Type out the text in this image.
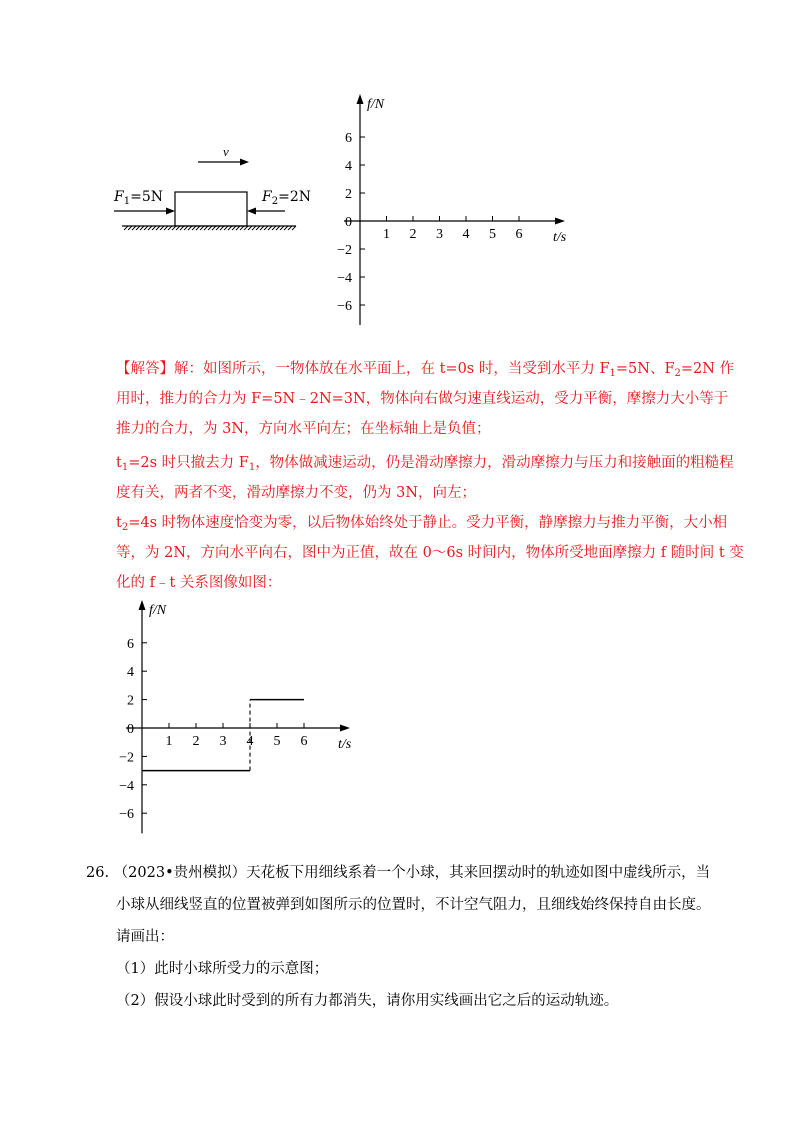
v
$F_1=5N$	$F_2=2N$
6
4
2
0
−2
−4
−6
1 2 3 4 5 6
f/N
t/s
【解答】解：如图所示，一物体放在水平面上，在 t=0s 时，当受到水平力 $F_1=5N$、$F_2=2N$ 作
用时，推力的合力为 F=5N﹣2N=3N，物体向右做匀速直线运动，受力平衡，摩擦力大小等于
推力的合力，为 3N，方向水平向左；在坐标轴上是负值；
$t_1=2s$ 时只撤去力 $F_1$，物体做减速运动，仍是滑动摩擦力，滑动摩擦力与压力和接触面的粗糙程
度有关，两者不变，滑动摩擦力不变，仍为 3N，向左；
$t_2=4s$ 时物体速度恰变为零，以后物体始终处于静止。受力平衡，静摩擦力与推力平衡，大小相
等，为 2N，方向水平向右，图中为正值，故在 0～6s 时间内，物体所受地面摩擦力 f 随时间 t 变
化的 f﹣t 关系图像如图：
6
4
2
0
−2
−4
−6
1 2 3 4 5 6
f/N
t/s
26. （2023•贵州模拟）天花板下用细线系着一个小球，其来回摆动时的轨迹如图中虚线所示，当
小球从细线竖直的位置被弹到如图所示的位置时，不计空气阻力，且细线始终保持自由长度。
请画出：
（1）此时小球所受力的示意图；
（2）假设小球此时受到的所有力都消失，请你用实线画出它之后的运动轨迹。
